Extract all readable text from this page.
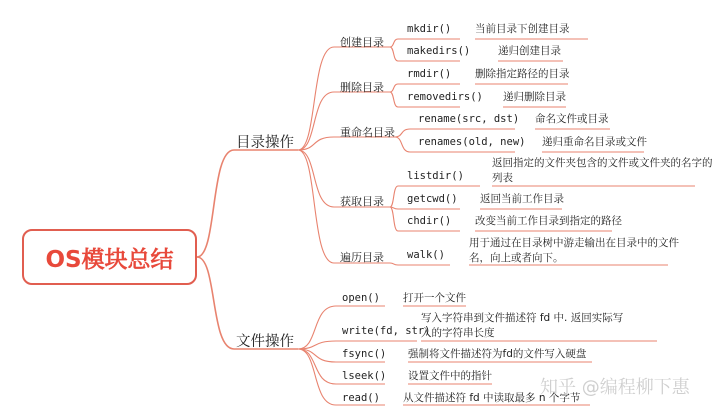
OS模块总结
目录操作
文件操作
创建目录
删除目录
重命名目录
获取目录
遍历目录
mkdir() 当前目录下创建目录
makedirs()	递归创建目录
rmdir() 删除指定路径的目录
removedirs() 递归删除目录
rename(src, dst) 命名文件或目录
renames(old, new) 递归重命名目录或文件
listdir()
返回指定的文件夹包含的文件或文件夹的名字的
列表
getcwd() 返回当前工作目录
chdir() 改变当前工作目录到指定的路径
walk()
用于通过在目录树中游走输出在目录中的文件
名，向上或者向下。
open() 打开一个文件
write(fd, str)
写入字符串到文件描述符 fd 中. 返回实际写
入的字符串长度
fsync() 强制将文件描述符为fd的文件写入硬盘
lseek() 设置文件中的指针
read() 从文件描述符 fd 中读取最多 n 个字节
知乎 @编程柳下惠
